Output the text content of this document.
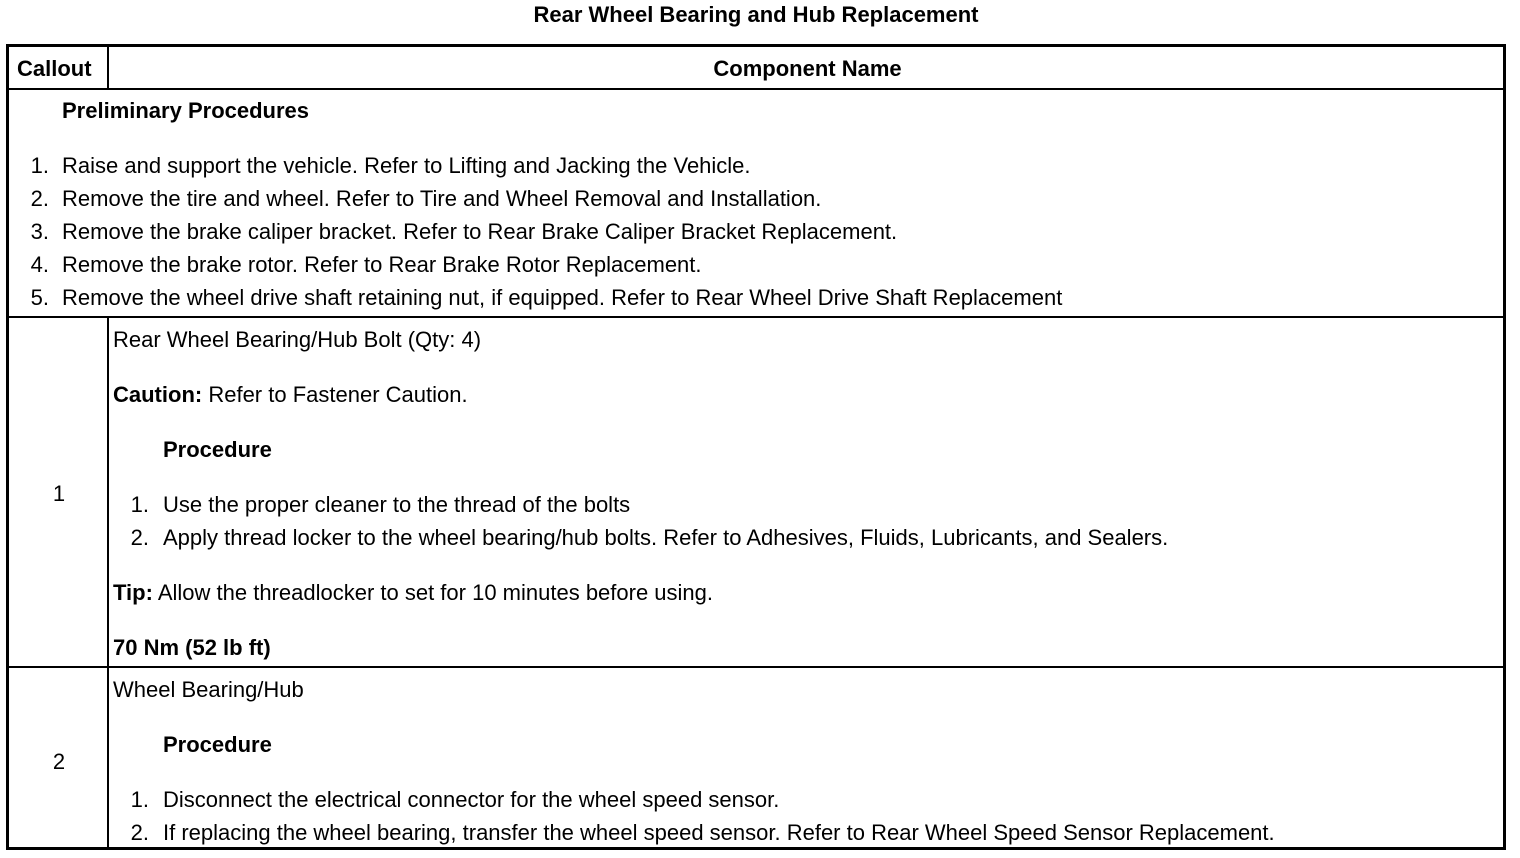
Rear Wheel Bearing and Hub Replacement
Callout	Component Name
Preliminary Procedures
1. Raise and support the vehicle. Refer to Lifting and Jacking the Vehicle.
2. Remove the tire and wheel. Refer to Tire and Wheel Removal and Installation.
3. Remove the brake caliper bracket. Refer to Rear Brake Caliper Bracket Replacement.
4. Remove the brake rotor. Refer to Rear Brake Rotor Replacement.
5. Remove the wheel drive shaft retaining nut, if equipped. Refer to Rear Wheel Drive Shaft Replacement
1
Rear Wheel Bearing/Hub Bolt (Qty: 4)
Caution: Refer to Fastener Caution.
Procedure
1. Use the proper cleaner to the thread of the bolts
2. Apply thread locker to the wheel bearing/hub bolts. Refer to Adhesives, Fluids, Lubricants, and Sealers.
Tip: Allow the threadlocker to set for 10 minutes before using.
70 Nm (52 lb ft)
2
Wheel Bearing/Hub
Procedure
1. Disconnect the electrical connector for the wheel speed sensor.
2. If replacing the wheel bearing, transfer the wheel speed sensor. Refer to Rear Wheel Speed Sensor Replacement.
